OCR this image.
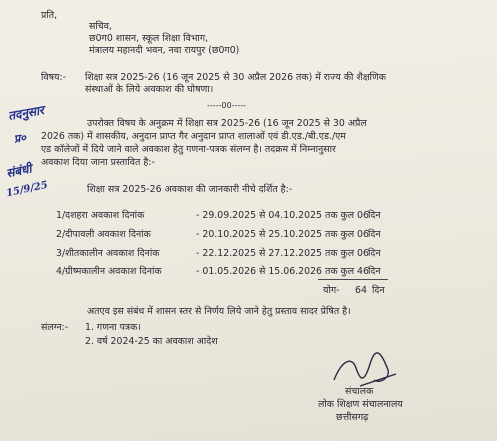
प्रति,
सचिव,
छ0ग0 शासन, स्कूल शिक्षा विभाग,
मंत्रालय महानदी भवन, नवा रायपुर (छ0ग0)
विषय:- शिक्षा सत्र 2025-26 (16 जून 2025 से 30 अप्रैल 2026 तक) में राज्य की शैक्षणिक
संस्थाओं के लिये अवकाश की घोषणा।
-----00-----
उपरोक्त विषय के अनुक्रम में शिक्षा सत्र 2025-26 (16 जून 2025 से 30 अप्रैल
2026 तक) में शासकीय, अनुदान प्राप्त गैर अनुदान प्राप्त शालाओं एवं डी.एड./बी.एड./एम
एड कॉलेजों में दिये जाने वाले अवकाश हेतु गणना-पत्रक संलग्न है। तदक्रम में निम्नानुसार
अवकाश दिया जाना प्रस्तावित है:-
शिक्षा सत्र 2025-26 अवकाश की जानकारी नीचे दर्शित है:-
1/दशहरा अवकाश दिनांक	- 29.09.2025 से 04.10.2025 तक कुल 06 दिन
2/दीपावली अवकाश दिनांक	- 20.10.2025 से 25.10.2025 तक कुल 06 दिन
3/शीतकालीन अवकाश दिनांक	- 22.12.2025 से 27.12.2025 तक कुल 06 दिन
4/ग्रीष्मकालीन अवकाश दिनांक	- 01.05.2026 से 15.06.2026 तक कुल 46 दिन
योग- 64 दिन
अतएव इस संबंध में शासन स्तर से निर्णय लिये जाने हेतु प्रस्ताव सादर प्रेषित है।
संलग्न:- 1. गणना पत्रक।
2. वर्ष 2024-25 का अवकाश आदेश
संचालक
लोक शिक्षण संचालनालय
छत्तीसगढ़
तदनुसार
प्र०
संबंधी
15/9/25
